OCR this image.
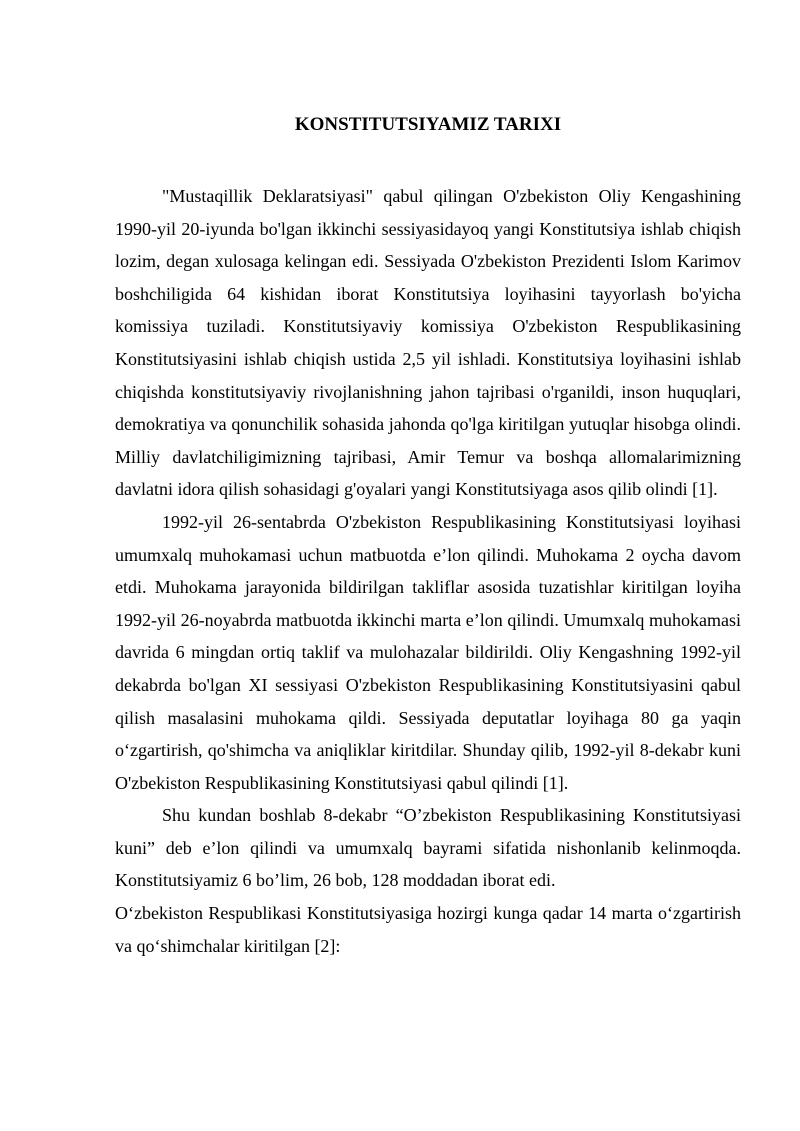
KONSTITUTSIYAMIZ TARIXI

"Mustaqillik Deklaratsiyasi" qabul qilingan O'zbekiston Oliy Kengashining 1990-yil 20-iyunda bo'lgan ikkinchi sessiyasidayoq yangi Konstitutsiya ishlab chiqish lozim, degan xulosaga kelingan edi. Sessiyada O'zbekiston Prezidenti Islom Karimov boshchiligida 64 kishidan iborat Konstitutsiya loyihasini tayyorlash bo'yicha komissiya tuziladi. Konstitutsiyaviy komissiya O'zbekiston Respublikasining Konstitutsiyasini ishlab chiqish ustida 2,5 yil ishladi. Konstitutsiya loyihasini ishlab chiqishda konstitutsiyaviy rivojlanishning jahon tajribasi o'rganildi, inson huquqlari, demokratiya va qonunchilik sohasida jahonda qo'lga kiritilgan yutuqlar hisobga olindi. Milliy davlatchiligimizning tajribasi, Amir Temur va boshqa allomalarimizning davlatni idora qilish sohasidagi g'oyalari yangi Konstitutsiyaga asos qilib olindi [1].

1992-yil 26-sentabrda O'zbekiston Respublikasining Konstitutsiyasi loyihasi umumxalq muhokamasi uchun matbuotda e’lon qilindi. Muhokama 2 oycha davom etdi. Muhokama jarayonida bildirilgan takliflar asosida tuzatishlar kiritilgan loyiha 1992-yil 26-noyabrda matbuotda ikkinchi marta e’lon qilindi. Umumxalq muhokamasi davrida 6 mingdan ortiq taklif va mulohazalar bildirildi. Oliy Kengashning 1992-yil dekabrda bo'lgan XI sessiyasi O'zbekiston Respublikasining Konstitutsiyasini qabul qilish masalasini muhokama qildi. Sessiyada deputatlar loyihaga 80 ga yaqin o‘zgartirish, qo'shimcha va aniqliklar kiritdilar. Shunday qilib, 1992-yil 8-dekabr kuni O'zbekiston Respublikasining Konstitutsiyasi qabul qilindi [1].

Shu kundan boshlab 8-dekabr “O’zbekiston Respublikasining Konstitutsiyasi kuni” deb e’lon qilindi va umumxalq bayrami sifatida nishonlanib kelinmoqda. Konstitutsiyamiz 6 bo’lim, 26 bob, 128 moddadan iborat edi.

O‘zbekiston Respublikasi Konstitutsiyasiga hozirgi kunga qadar 14 marta o‘zgartirish va qo‘shimchalar kiritilgan [2]:
